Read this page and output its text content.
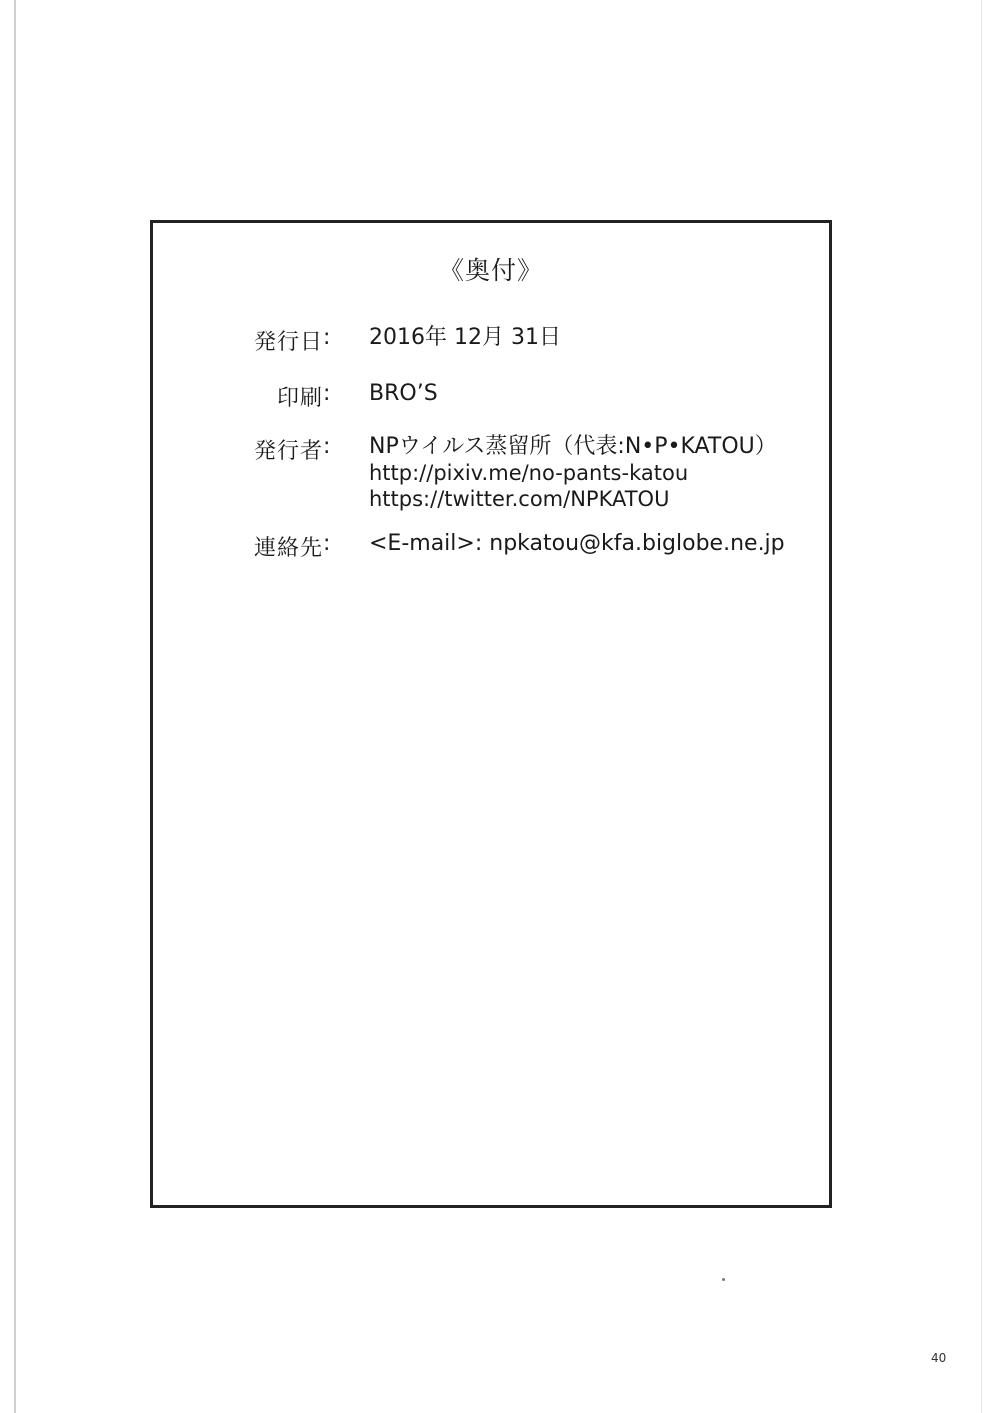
《奥付》
発行日 : 2016年 12月 31日
印刷 : BRO’S
発行者 : NPウイルス蒸留所（代表:N•P•KATOU）
http://pixiv.me/no-pants-katou
https://twitter.com/NPKATOU
連絡先 : <E-mail>: npkatou@kfa.biglobe.ne.jp
40
